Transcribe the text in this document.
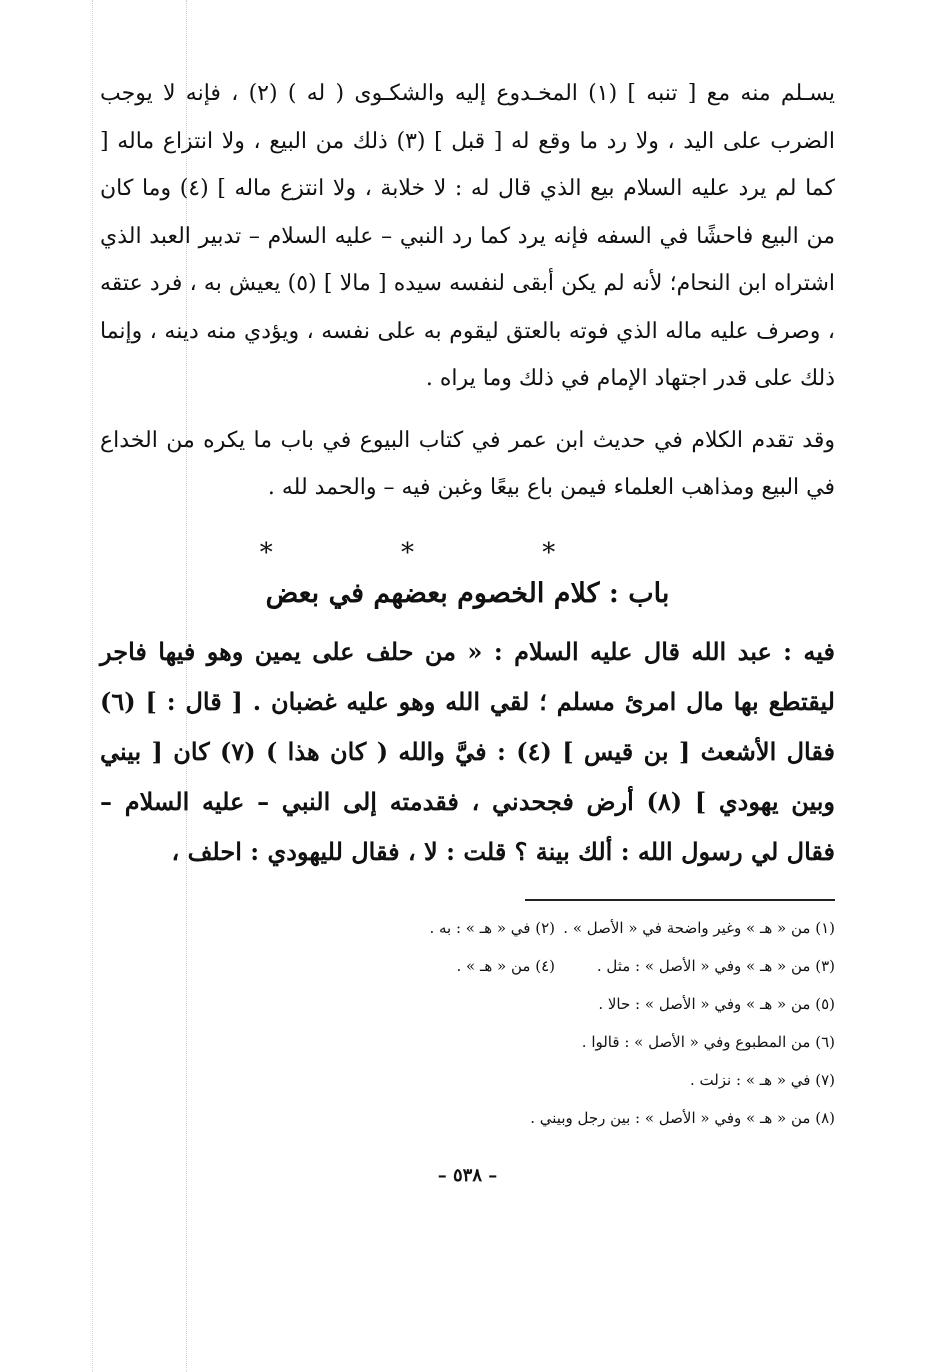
يسـلم منه مع [ تنبه ] (١) المخـدوع إليه والشكـوى ( له ) (٢) ، فإنه لا يوجب الضرب على اليد ، ولا رد ما وقع له [ قبل ] (٣) ذلك من البيع ، ولا انتزاع ماله [ كما لم يرد عليه السلام بيع الذي قال له : لا خلابة ، ولا انتزع ماله ] (٤) وما كان من البيع فاحشًا في السفه فإنه يرد كما رد النبي – عليه السلام – تدبير العبد الذي اشتراه ابن النحام؛ لأنه لم يكن أبقى لنفسه سيده [ مالا ] (٥) يعيش به ، فرد عتقه ، وصرف عليه ماله الذي فوته بالعتق ليقوم به على نفسه ، ويؤدي منه دينه ، وإنما ذلك على قدر اجتهاد الإمام في ذلك وما يراه .

وقد تقدم الكلام في حديث ابن عمر في كتاب البيوع في باب ما يكره من الخداع في البيع ومذاهب العلماء فيمن باع بيعًا وغبن فيه – والحمد لله .

* * *
باب : كلام الخصوم بعضهم في بعض

فيه : عبد الله قال عليه السلام : « من حلف على يمين وهو فيها فاجر ليقتطع بها مال امرئ مسلم ؛ لقي الله وهو عليه غضبان . [ قال : ] (٦) فقال الأشعث [ بن قيس ] (٤) : فيَّ والله ( كان هذا ) (٧) كان [ بيني وبين يهودي ] (٨) أرض فجحدني ، فقدمته إلى النبي – عليه السلام – فقال لي رسول الله : ألك بينة ؟ قلت : لا ، فقال لليهودي : احلف ،

(١) من « هـ » وغير واضحة في « الأصل » .
(٢) في « هـ » : به .
(٣) من « هـ » وفي « الأصل » : مثل .
(٤) من « هـ » .
(٥) من « هـ » وفي « الأصل » : حالا .
(٦) من المطبوع وفي « الأصل » : قالوا .
(٧) في « هـ » : نزلت .
(٨) من « هـ » وفي « الأصل » : بين رجل وبيني .
– ٥٣٨ –
